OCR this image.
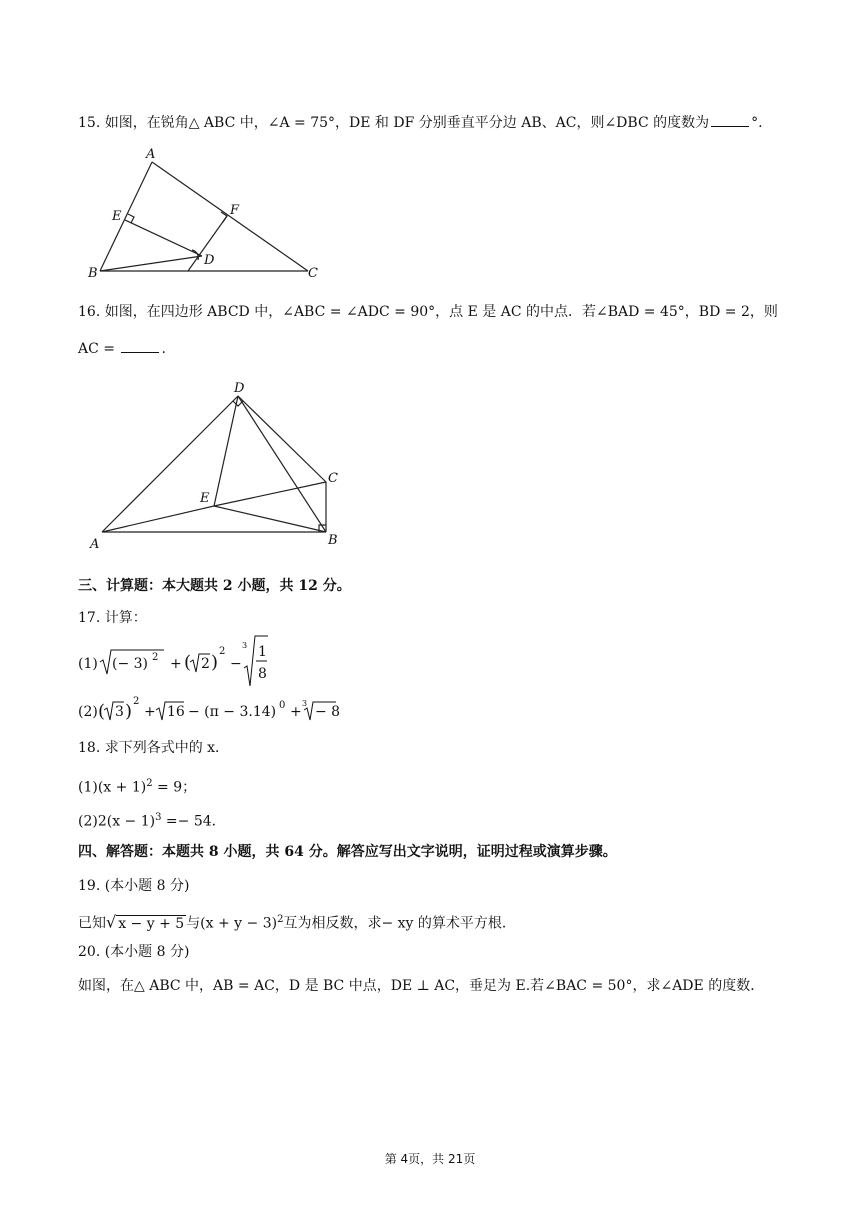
15. 如图，在锐角△ ABC 中，∠A = 75°，DE 和 DF 分别垂直平分边 AB、AC，则∠DBC 的度数为	°.
A
B	C
D
E	F
16. 如图，在四边形 ABCD 中，∠ABC = ∠ADC = 90°，点 E 是 AC 的中点．若∠BAD = 45°，BD = 2，则
AC =	.
D
C
E
A	B
三、计算题：本大题共 2 小题，共 12 分。
17. 计算：
(1) (− 3) 2 + ( 2 )
2
−
3 1
8
(2) ( 3 ) 2
+ 16 − (π − 3.14) 0 +
3
− 8
18. 求下列各式中的 x．
$(1)(x + 1)^2 = 9$；
$(2)2(x - 1)^3 =- 54$．
四、解答题：本题共 8 小题，共 64 分。解答应写出文字说明，证明过程或演算步骤。
19. (本小题 8 分)
已知√ x − y + 5 与$(x + y - 3)^2$互为相反数，求− xy 的算术平方根．
20. (本小题 8 分)
如图，在△ ABC 中，AB = AC，D 是 BC 中点，DE ⊥ AC，垂足为 E.若∠BAC = 50°，求∠ADE 的度数．
第 4页，共 21页
